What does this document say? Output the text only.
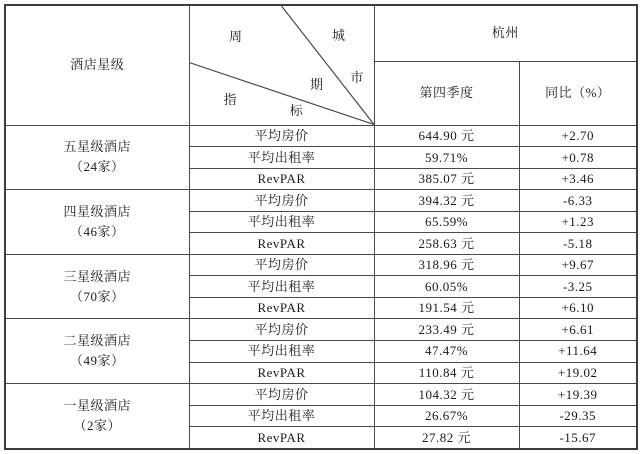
酒店星级	
周	城
市
期
指
标
	杭州
		第四季度	同比（%）

五星级酒店
（24家）	平均房价	644.90 元	+2.70
	平均出租率	59.71%	+0.78
	RevPAR	385.07 元	+3.46

四星级酒店
（46家）	平均房价	394.32 元	-6.33
	平均出租率	65.59%	+1.23
	RevPAR	258.63 元	-5.18

三星级酒店
（70家）	平均房价	318.96 元	+9.67
	平均出租率	60.05%	-3.25
	RevPAR	191.54 元	+6.10

二星级酒店
（49家）	平均房价	233.49 元	+6.61
	平均出租率	47.47%	+11.64
	RevPAR	110.84 元	+19.02

一星级酒店
（2家）	平均房价	104.32 元	+19.39
	平均出租率	26.67%	-29.35
	RevPAR	27.82 元	-15.67
